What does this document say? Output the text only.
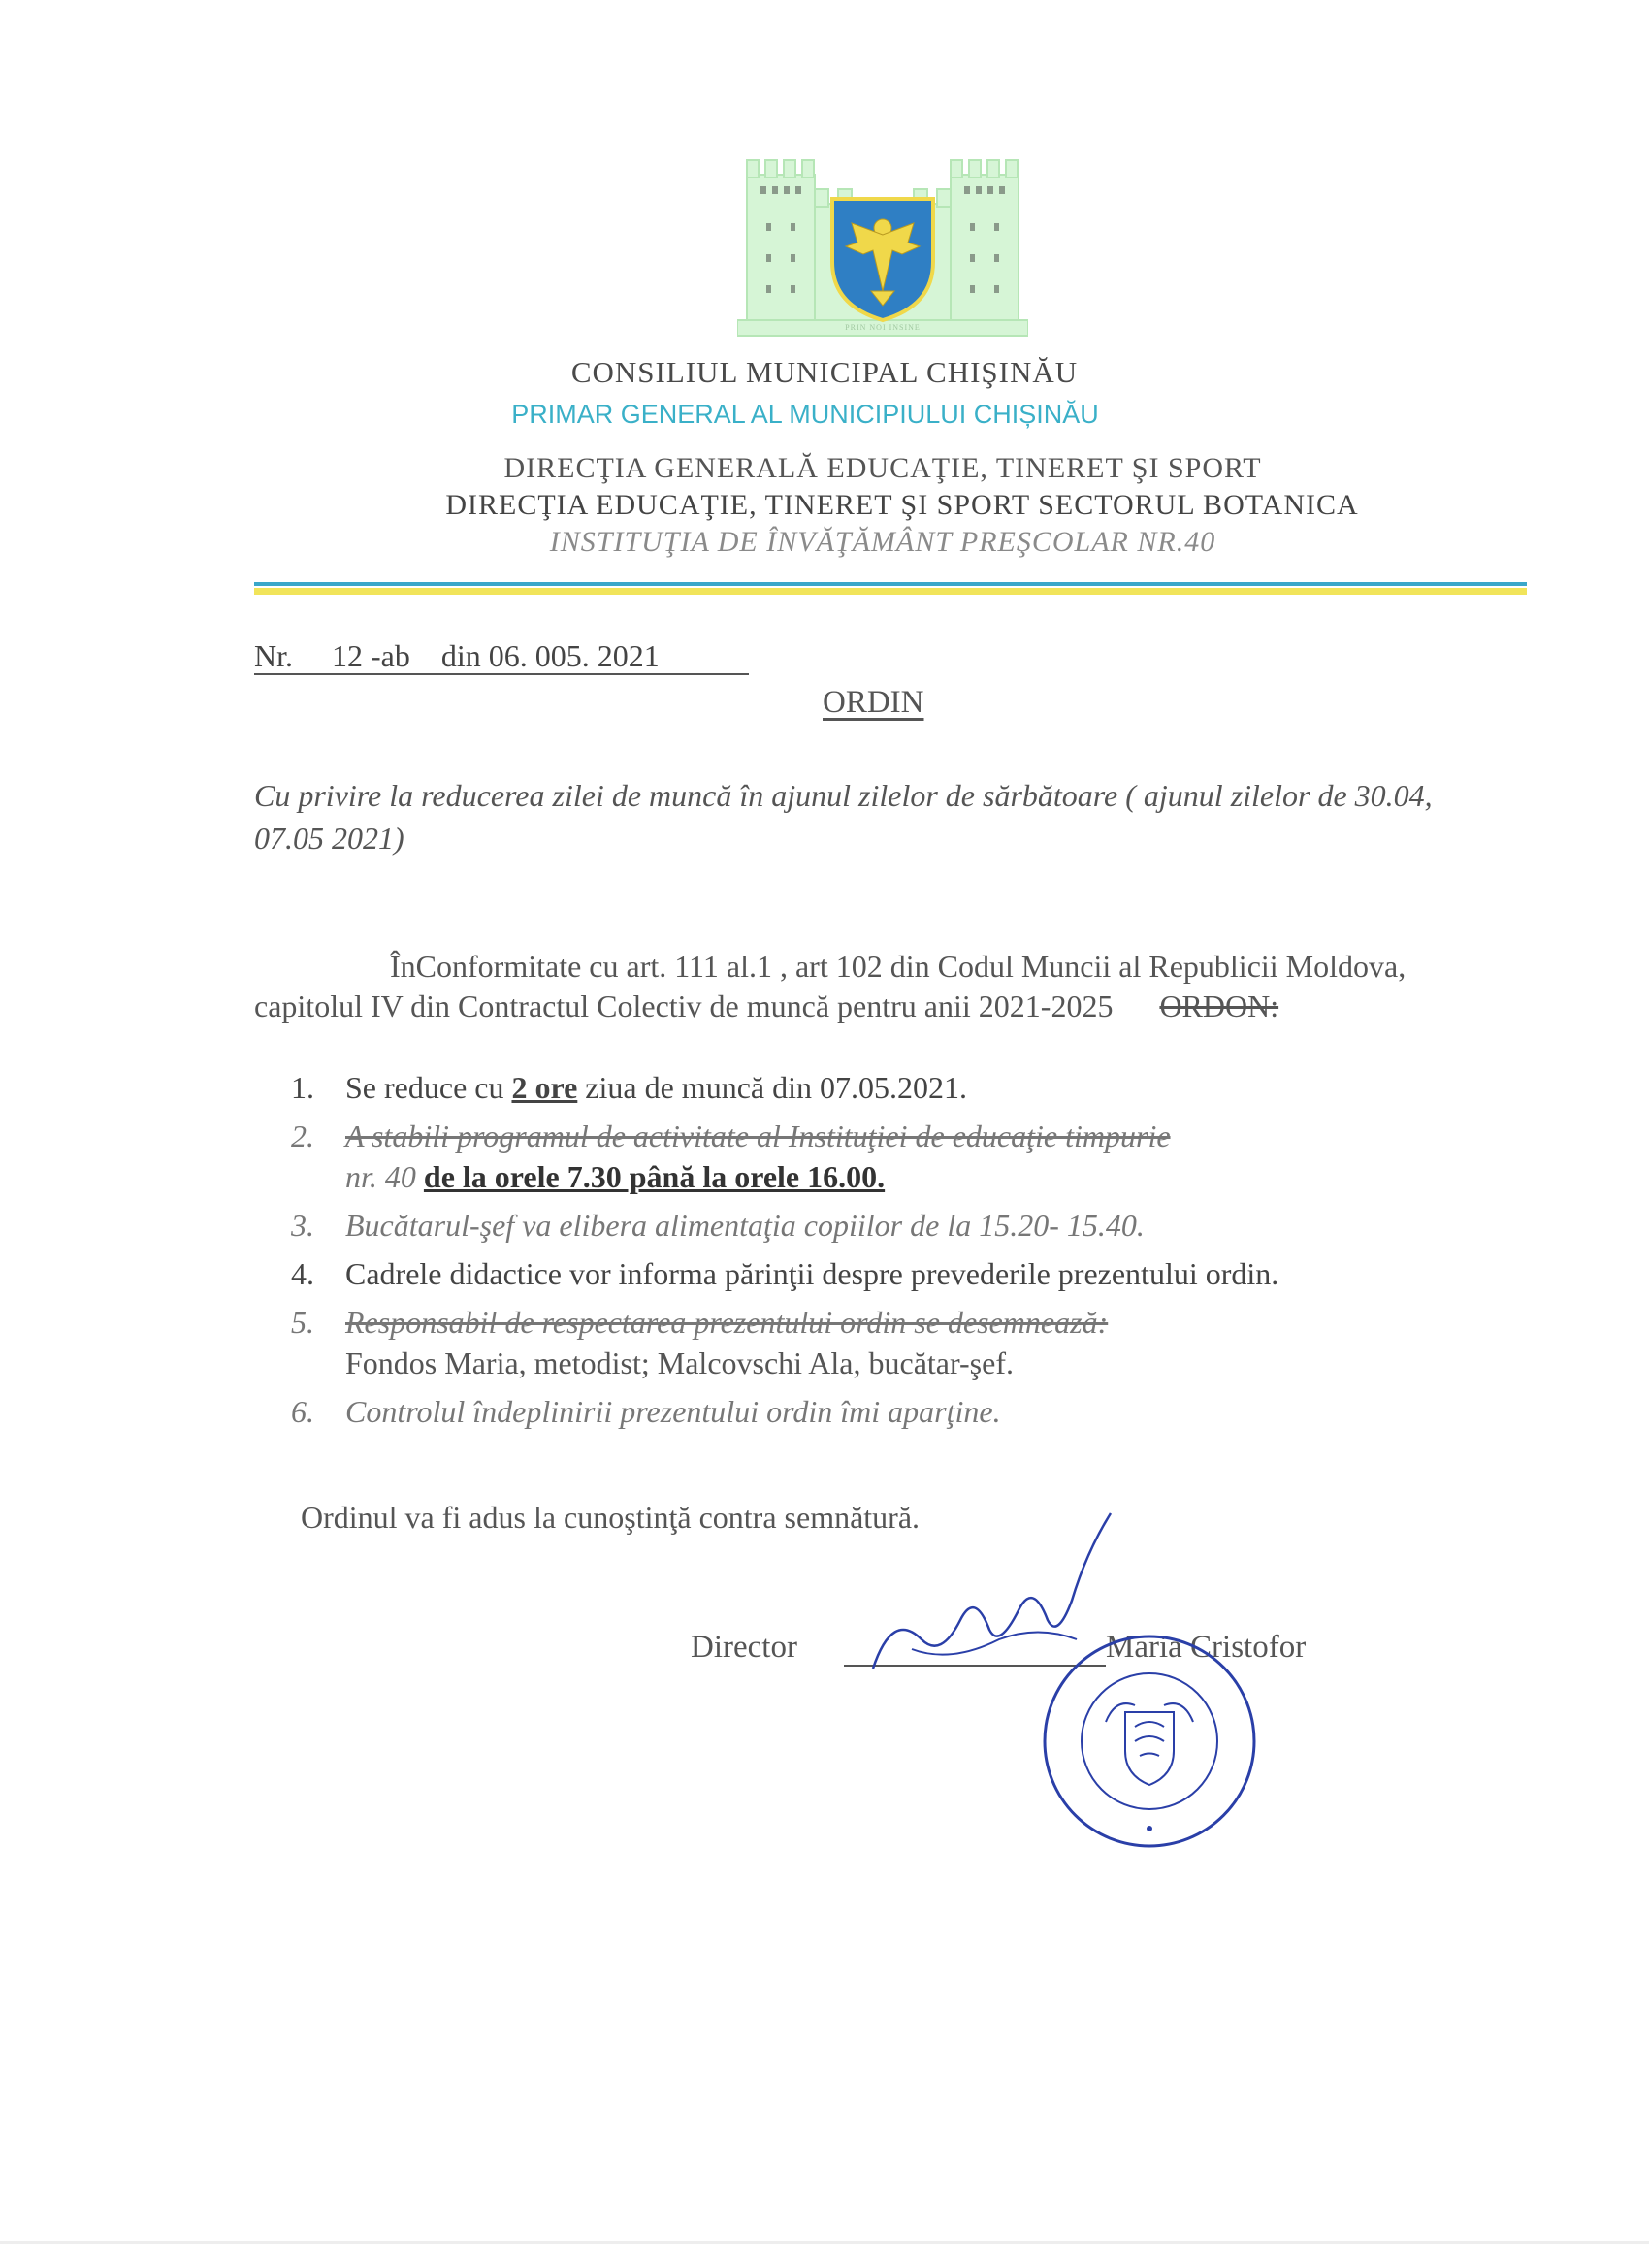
PRIN NOI INSINE
CONSILIUL MUNICIPAL CHIŞINĂU
PRIMAR GENERAL AL MUNICIPIULUI CHIȘINĂU
DIRECŢIA GENERALĂ EDUCAŢIE, TINERET ŞI SPORT
DIRECŢIA EDUCAŢIE, TINERET ŞI SPORT SECTORUL BOTANICA
INSTITUŢIA DE ÎNVĂŢĂMÂNT PREŞCOLAR NR.40
Nr.     12 -ab    din 06. 005. 2021
ORDIN
Cu privire la reducerea zilei de muncă în ajunul zilelor de sărbătoare ( ajunul zilelor de 30.04, 07.05 2021)
ÎnConformitate cu art. 111 al.1 , art 102 din Codul Muncii al Republicii Moldova, capitolul IV din Contractul Colectiv de muncă pentru anii 2021-2025 ORDON:
1. Se reduce cu 2 ore ziua de muncă din 07.05.2021.
2. A stabili programul de activitate al Instituţiei de educaţie timpurie
nr. 40 de la orele 7.30 până la orele 16.00.
3. Bucătarul-şef va elibera alimentaţia copiilor de la 15.20- 15.40.
4. Cadrele didactice vor informa părinţii despre prevederile prezentului ordin.
5. Responsabil de respectarea prezentului ordin se desemnează:
Fondos Maria, metodist; Malcovschi Ala, bucătar-şef.
6. Controlul îndeplinirii prezentului ordin îmi aparţine.
Ordinul va fi adus la cunoştinţă contra semnătură.
Director	Maria Cristofor
